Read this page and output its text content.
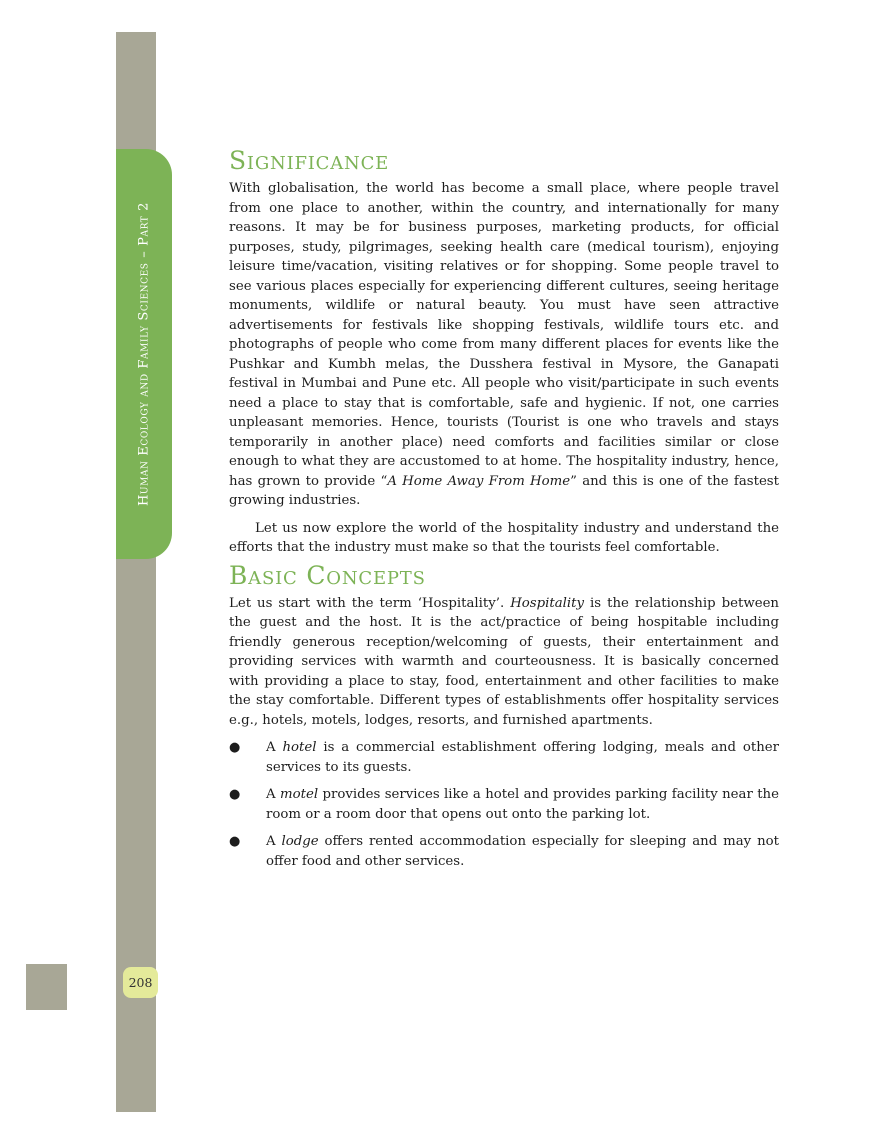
Human Ecology and Family Sciences – Part 2
208
Significance

With globalisation, the world has become a small place, where people travel from one place to another, within the country, and internationally for many reasons. It may be for business purposes, marketing products, for official purposes, study, pilgrimages, seeking health care (medical tourism), enjoying leisure time/vacation, visiting relatives or for shopping. Some people travel to see various places especially for experiencing different cultures, seeing heritage monuments, wildlife or natural beauty. You must have seen attractive advertisements for festivals like shopping festivals, wildlife tours etc. and photographs of people who come from many different places for events like the Pushkar and Kumbh melas, the Dusshera festival in Mysore, the Ganapati festival in Mumbai and Pune etc. All people who visit/participate in such events need a place to stay that is comfortable, safe and hygienic. If not, one carries unpleasant memories. Hence, tourists (Tourist is one who travels and stays temporarily in another place) need comforts and facilities similar or close enough to what they are accustomed to at home. The hospitality industry, hence, has grown to provide “A Home Away From Home” and this is one of the fastest growing industries.

Let us now explore the world of the hospitality industry and understand the efforts that the industry must make so that the tourists feel comfortable.

Basic Concepts

Let us start with the term ‘Hospitality’. Hospitality is the relationship between the guest and the host. It is the act/practice of being hospitable including friendly generous reception/welcoming of guests, their entertainment and providing services with warmth and courteousness. It is basically concerned with providing a place to stay, food, entertainment and other facilities to make the stay comfortable. Different types of establishments offer hospitality services e.g., hotels, motels, lodges, resorts, and furnished apartments.

● A hotel is a commercial establishment offering lodging, meals and other services to its guests.
● A motel provides services like a hotel and provides parking facility near the room or a room door that opens out onto the parking lot.
● A lodge offers rented accommodation especially for sleeping and may not offer food and other services.
